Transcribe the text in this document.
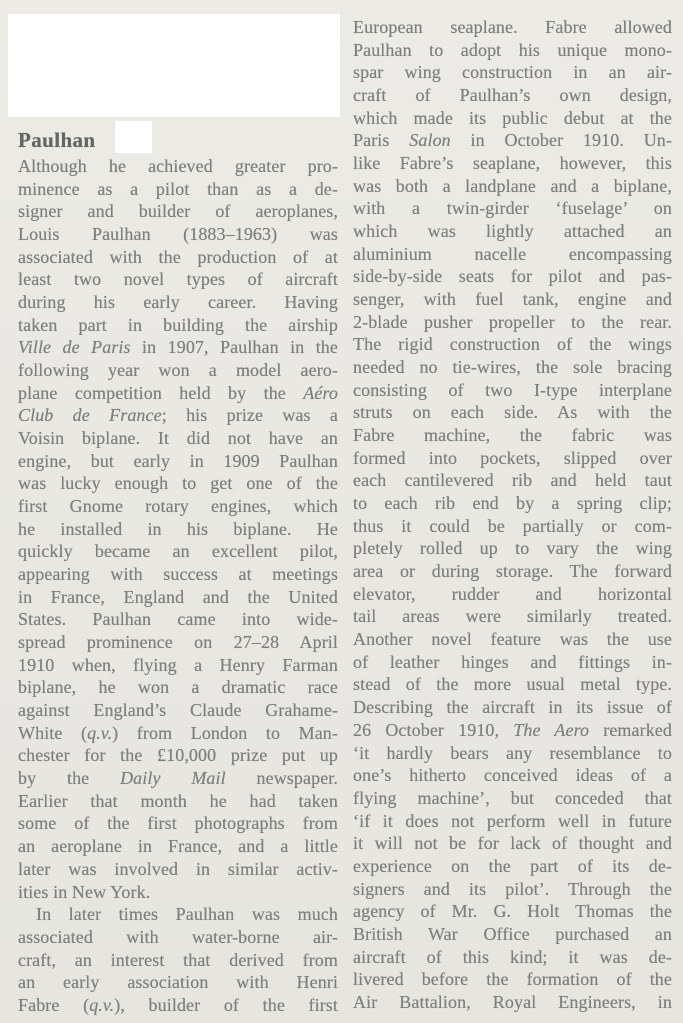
Paulhan
Although he achieved greater pro-
minence as a pilot than as a de-
signer and builder of aeroplanes,
Louis Paulhan (1883–1963) was
associated with the production of at
least two novel types of aircraft
during his early career. Having
taken part in building the airship
Ville de Paris in 1907, Paulhan in the
following year won a model aero-
plane competition held by the Aéro
Club de France; his prize was a
Voisin biplane. It did not have an
engine, but early in 1909 Paulhan
was lucky enough to get one of the
first Gnome rotary engines, which
he installed in his biplane. He
quickly became an excellent pilot,
appearing with success at meetings
in France, England and the United
States. Paulhan came into wide-
spread prominence on 27–28 April
1910 when, flying a Henry Farman
biplane, he won a dramatic race
against England’s Claude Grahame-
White (q.v.) from London to Man-
chester for the £10,000 prize put up
by the Daily Mail newspaper.
Earlier that month he had taken
some of the first photographs from
an aeroplane in France, and a little
later was involved in similar activ-
ities in New York.
In later times Paulhan was much
associated with water-borne air-
craft, an interest that derived from
an early association with Henri
Fabre (q.v.), builder of the first
European seaplane. Fabre allowed
Paulhan to adopt his unique mono-
spar wing construction in an air-
craft of Paulhan’s own design,
which made its public debut at the
Paris Salon in October 1910. Un-
like Fabre’s seaplane, however, this
was both a landplane and a biplane,
with a twin-girder ‘fuselage’ on
which was lightly attached an
aluminium nacelle encompassing
side-by-side seats for pilot and pas-
senger, with fuel tank, engine and
2-blade pusher propeller to the rear.
The rigid construction of the wings
needed no tie-wires, the sole bracing
consisting of two I-type interplane
struts on each side. As with the
Fabre machine, the fabric was
formed into pockets, slipped over
each cantilevered rib and held taut
to each rib end by a spring clip;
thus it could be partially or com-
pletely rolled up to vary the wing
area or during storage. The forward
elevator, rudder and horizontal
tail areas were similarly treated.
Another novel feature was the use
of leather hinges and fittings in-
stead of the more usual metal type.
Describing the aircraft in its issue of
26 October 1910, The Aero remarked
‘it hardly bears any resemblance to
one’s hitherto conceived ideas of a
flying machine’, but conceded that
‘if it does not perform well in future
it will not be for lack of thought and
experience on the part of its de-
signers and its pilot’. Through the
agency of Mr. G. Holt Thomas the
British War Office purchased an
aircraft of this kind; it was de-
livered before the formation of the
Air Battalion, Royal Engineers, in
